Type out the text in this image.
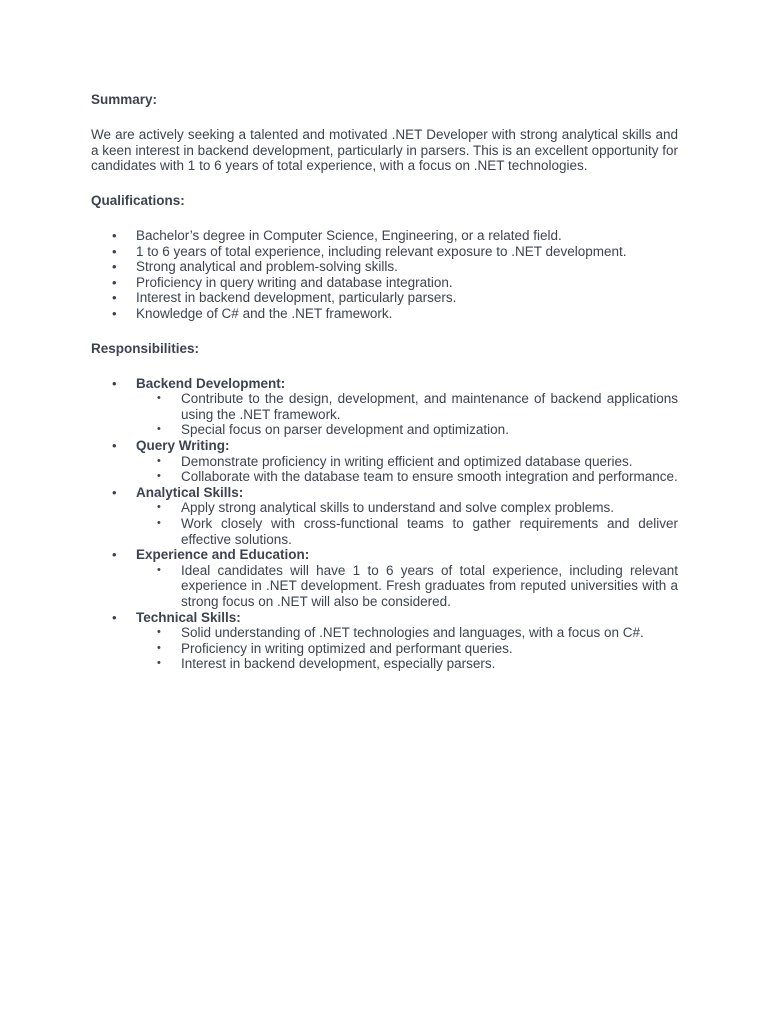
Summary:

We are actively seeking a talented and motivated .NET Developer with strong analytical skills and a keen interest in backend development, particularly in parsers. This is an excellent opportunity for candidates with 1 to 6 years of total experience, with a focus on .NET technologies.

Qualifications:
• Bachelor’s degree in Computer Science, Engineering, or a related field.
• 1 to 6 years of total experience, including relevant exposure to .NET development.
• Strong analytical and problem-solving skills.
• Proficiency in query writing and database integration.
• Interest in backend development, particularly parsers.
• Knowledge of C# and the .NET framework.
Responsibilities:
• Backend Development:
• Contribute to the design, development, and maintenance of backend applications using the .NET framework.
• Special focus on parser development and optimization.
• Query Writing:
• Demonstrate proficiency in writing efficient and optimized database queries.
• Collaborate with the database team to ensure smooth integration and performance.
• Analytical Skills:
• Apply strong analytical skills to understand and solve complex problems.
• Work closely with cross-functional teams to gather requirements and deliver effective solutions.
• Experience and Education:
• Ideal candidates will have 1 to 6 years of total experience, including relevant experience in .NET development. Fresh graduates from reputed universities with a strong focus on .NET will also be considered.
• Technical Skills:
• Solid understanding of .NET technologies and languages, with a focus on C#.
• Proficiency in writing optimized and performant queries.
• Interest in backend development, especially parsers.
